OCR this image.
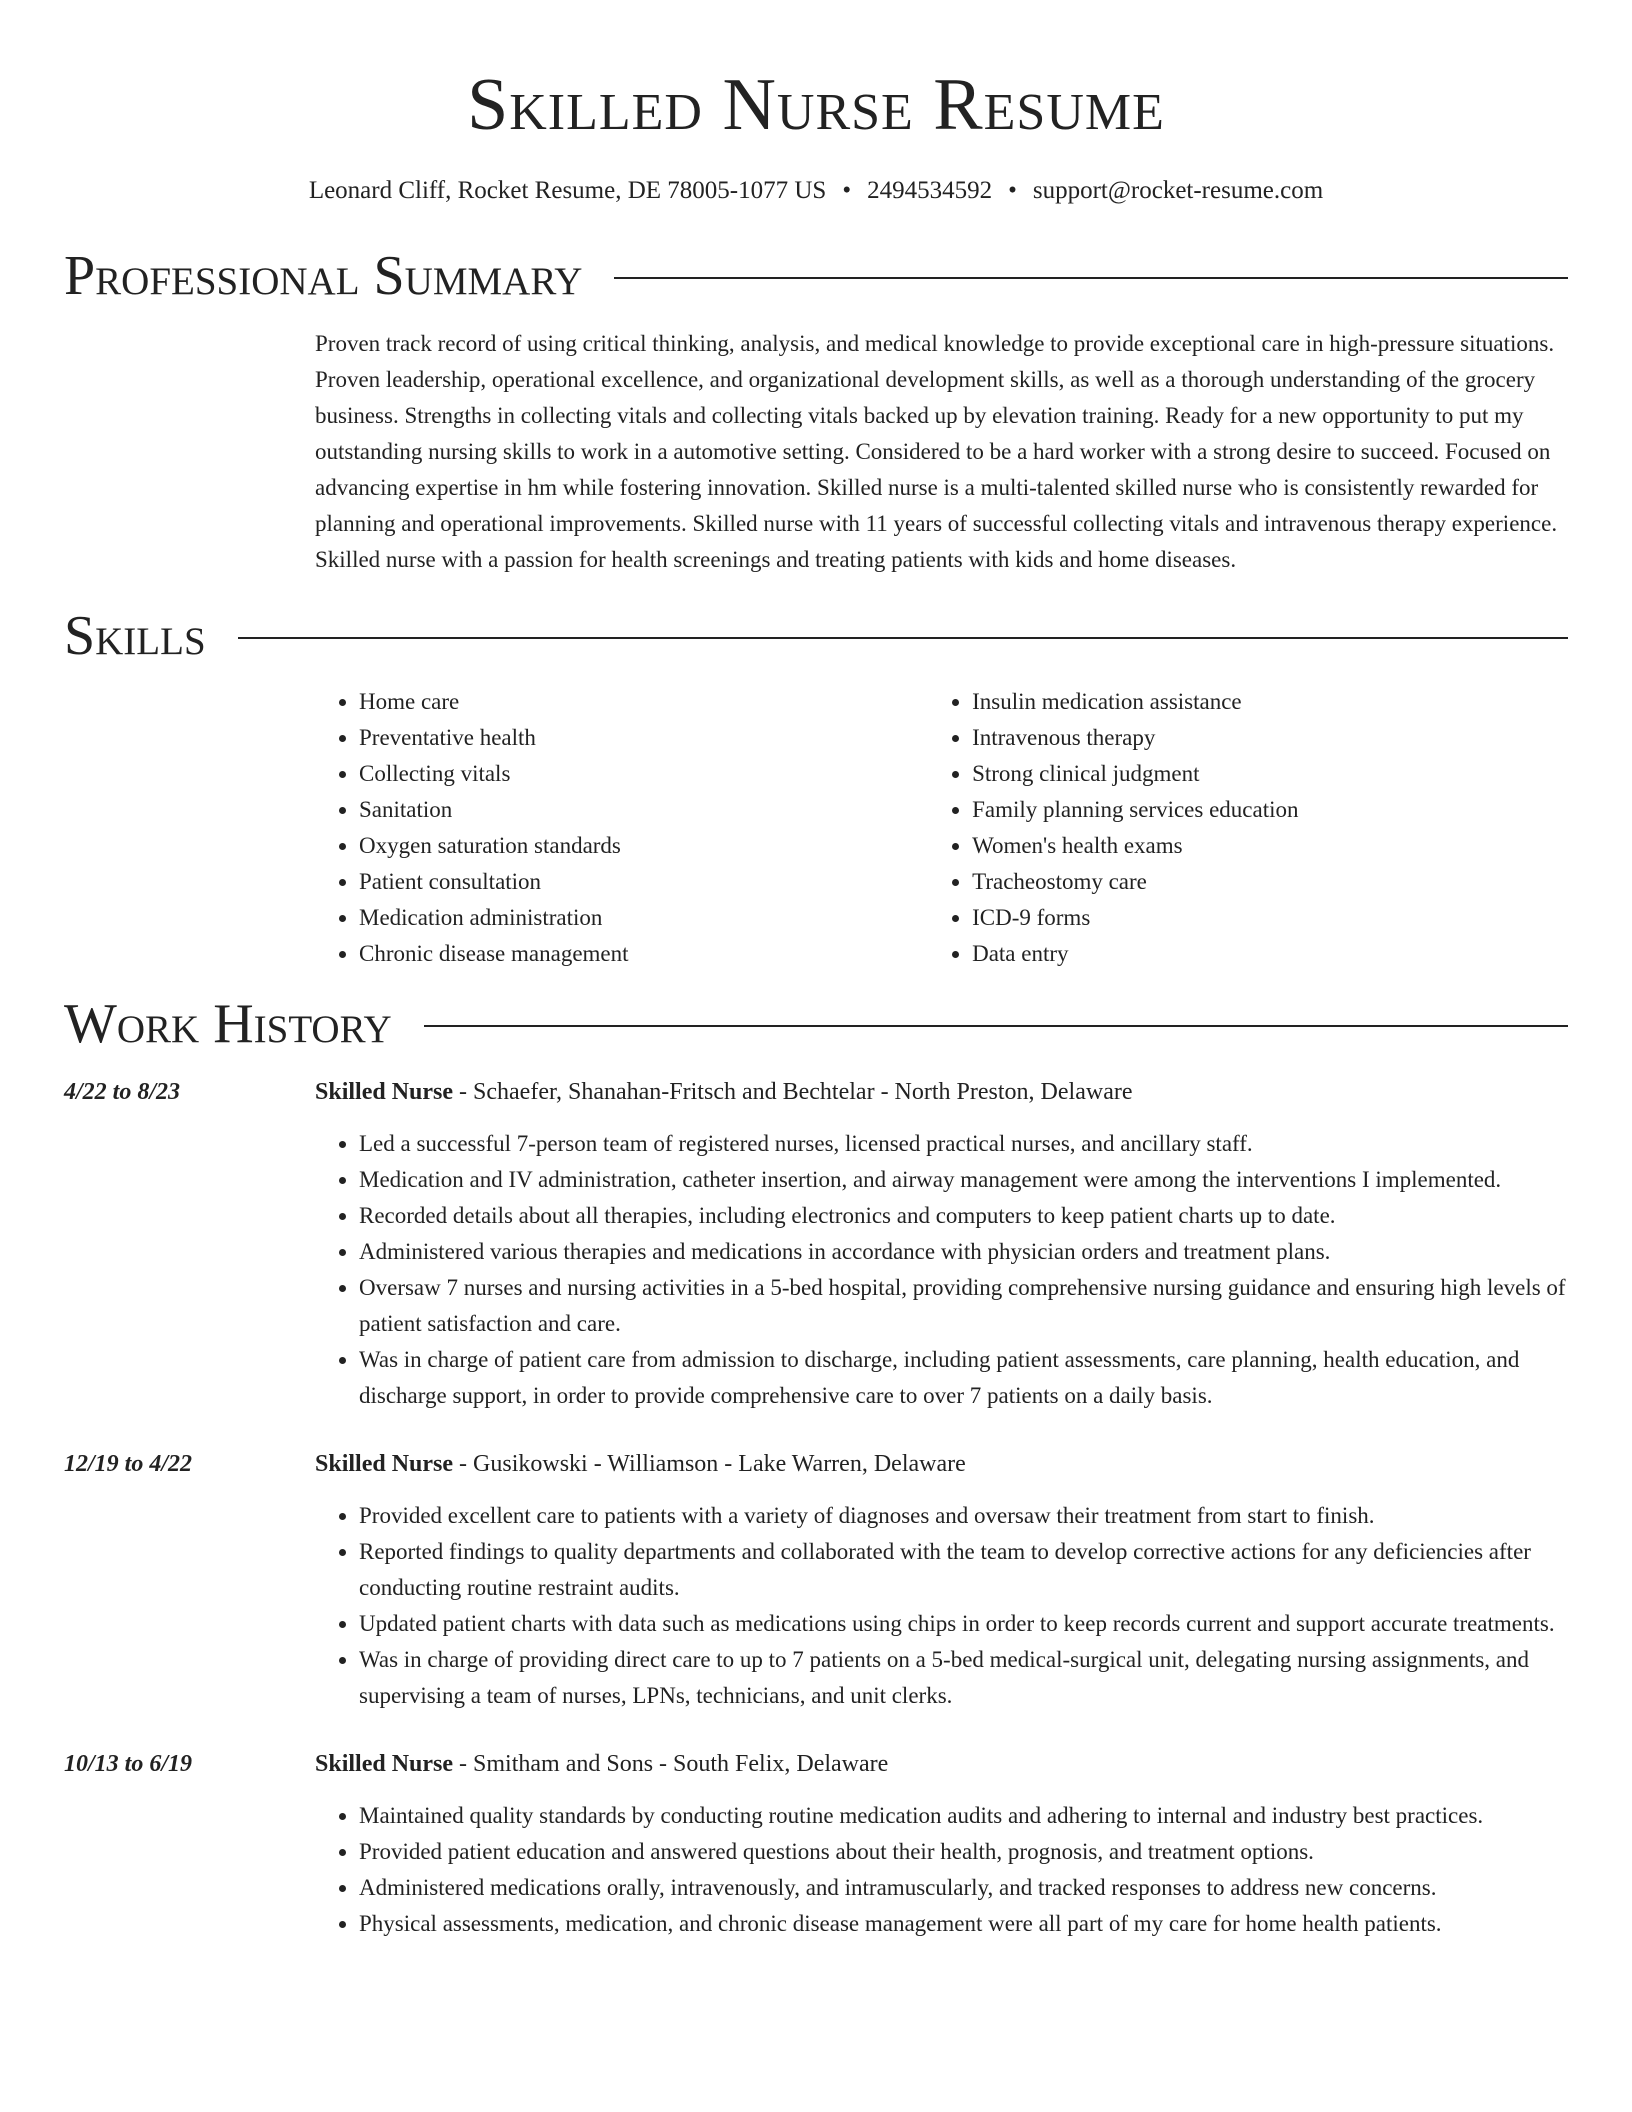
Skilled Nurse Resume
Leonard Cliff, Rocket Resume, DE 78005-1077 US • 2494534592 • support@rocket-resume.com
Professional Summary

Proven track record of using critical thinking, analysis, and medical knowledge to provide exceptional care in high-pressure situations. Proven leadership, operational excellence, and organizational development skills, as well as a thorough understanding of the grocery business. Strengths in collecting vitals and collecting vitals backed up by elevation training. Ready for a new opportunity to put my outstanding nursing skills to work in a automotive setting. Considered to be a hard worker with a strong desire to succeed. Focused on advancing expertise in hm while fostering innovation. Skilled nurse is a multi-talented skilled nurse who is consistently rewarded for planning and operational improvements. Skilled nurse with 11 years of successful collecting vitals and intravenous therapy experience. Skilled nurse with a passion for health screenings and treating patients with kids and home diseases.

Skills
• Home care
• Preventative health
• Collecting vitals
• Sanitation
• Oxygen saturation standards
• Patient consultation
• Medication administration
• Chronic disease management
• Insulin medication assistance
• Intravenous therapy
• Strong clinical judgment
• Family planning services education
• Women's health exams
• Tracheostomy care
• ICD-9 forms
• Data entry
Work History
4/22 to 8/23	Skilled Nurse - Schaefer, Shanahan-Fritsch and Bechtelar - North Preston, Delaware
• Led a successful 7-person team of registered nurses, licensed practical nurses, and ancillary staff.
• Medication and IV administration, catheter insertion, and airway management were among the interventions I implemented.
• Recorded details about all therapies, including electronics and computers to keep patient charts up to date.
• Administered various therapies and medications in accordance with physician orders and treatment plans.
• Oversaw 7 nurses and nursing activities in a 5-bed hospital, providing comprehensive nursing guidance and ensuring high levels of patient satisfaction and care.
• Was in charge of patient care from admission to discharge, including patient assessments, care planning, health education, and discharge support, in order to provide comprehensive care to over 7 patients on a daily basis.
12/19 to 4/22	Skilled Nurse - Gusikowski - Williamson - Lake Warren, Delaware
• Provided excellent care to patients with a variety of diagnoses and oversaw their treatment from start to finish.
• Reported findings to quality departments and collaborated with the team to develop corrective actions for any deficiencies after conducting routine restraint audits.
• Updated patient charts with data such as medications using chips in order to keep records current and support accurate treatments.
• Was in charge of providing direct care to up to 7 patients on a 5-bed medical-surgical unit, delegating nursing assignments, and supervising a team of nurses, LPNs, technicians, and unit clerks.
10/13 to 6/19	Skilled Nurse - Smitham and Sons - South Felix, Delaware
• Maintained quality standards by conducting routine medication audits and adhering to internal and industry best practices.
• Provided patient education and answered questions about their health, prognosis, and treatment options.
• Administered medications orally, intravenously, and intramuscularly, and tracked responses to address new concerns.
• Physical assessments, medication, and chronic disease management were all part of my care for home health patients.
